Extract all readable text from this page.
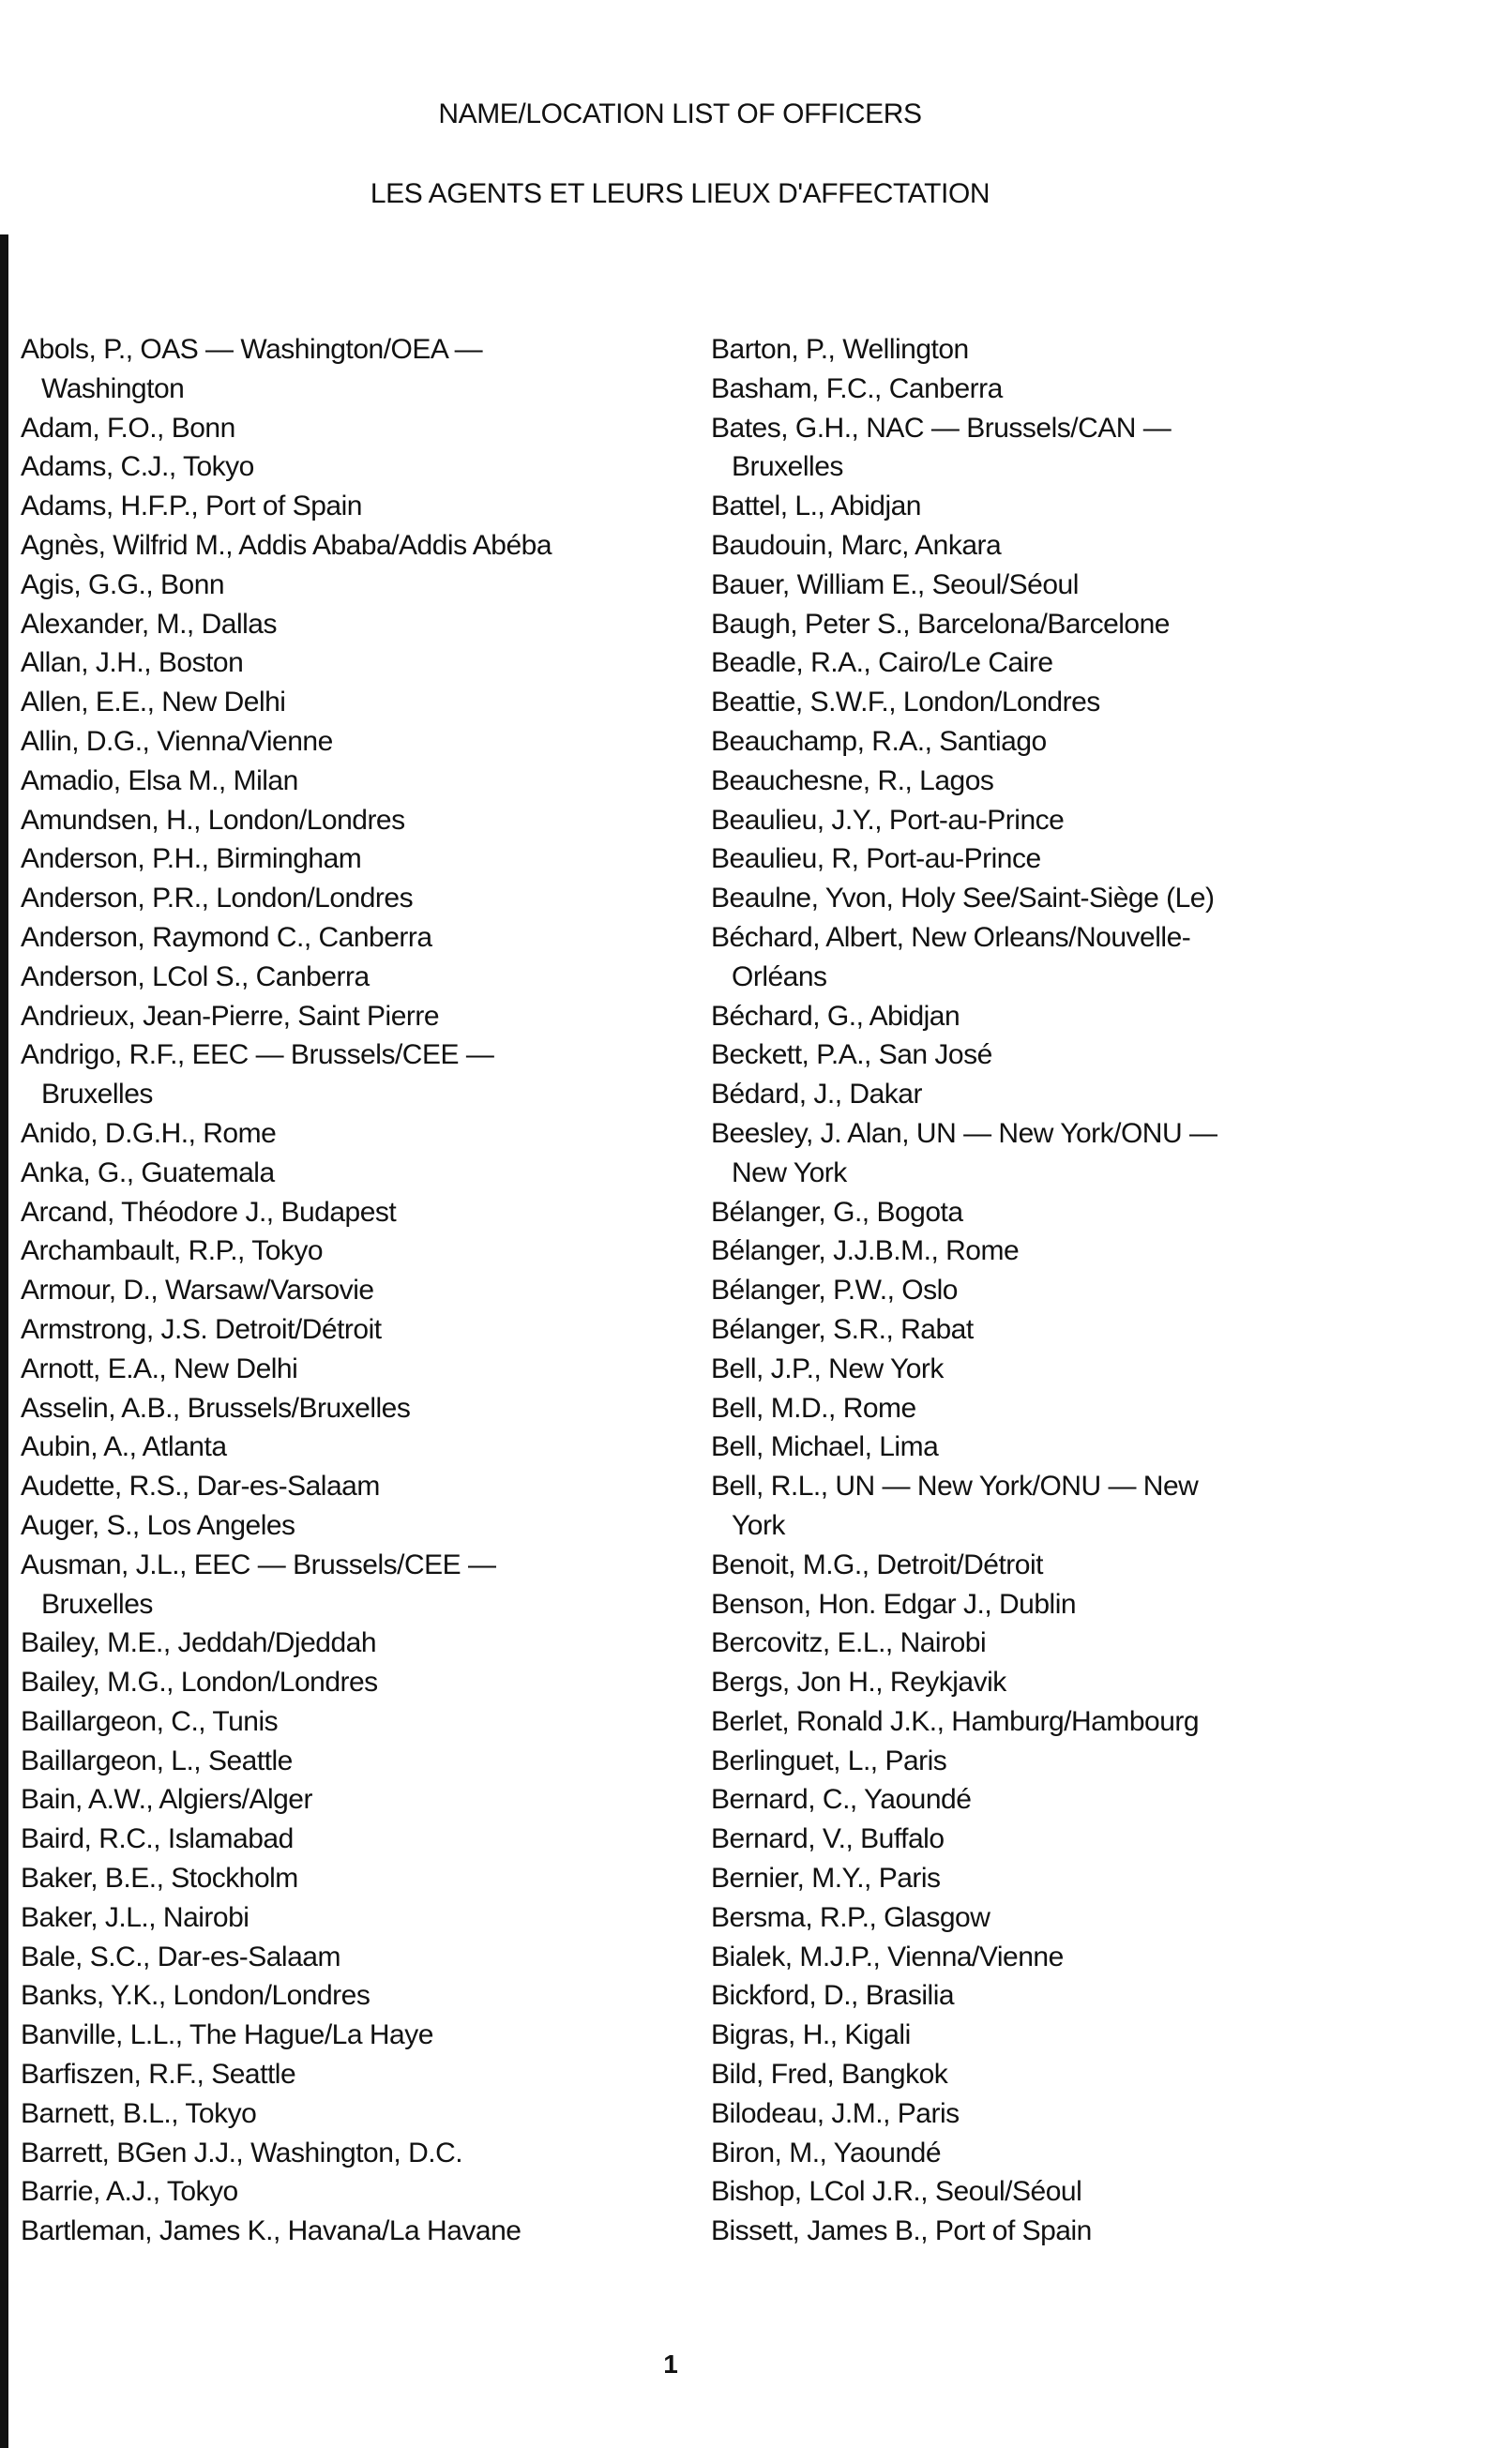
NAME/LOCATION LIST OF OFFICERS
LES AGENTS ET LEURS LIEUX D'AFFECTATION
Abols, P., OAS — Washington/OEA —
Washington
Adam, F.O., Bonn
Adams, C.J., Tokyo
Adams, H.F.P., Port of Spain
Agnès, Wilfrid M., Addis Ababa/Addis Abéba
Agis, G.G., Bonn
Alexander, M., Dallas
Allan, J.H., Boston
Allen, E.E., New Delhi
Allin, D.G., Vienna/Vienne
Amadio, Elsa M., Milan
Amundsen, H., London/Londres
Anderson, P.H., Birmingham
Anderson, P.R., London/Londres
Anderson, Raymond C., Canberra
Anderson, LCol S., Canberra
Andrieux, Jean-Pierre, Saint Pierre
Andrigo, R.F., EEC — Brussels/CEE —
Bruxelles
Anido, D.G.H., Rome
Anka, G., Guatemala
Arcand, Théodore J., Budapest
Archambault, R.P., Tokyo
Armour, D., Warsaw/Varsovie
Armstrong, J.S. Detroit/Détroit
Arnott, E.A., New Delhi
Asselin, A.B., Brussels/Bruxelles
Aubin, A., Atlanta
Audette, R.S., Dar-es-Salaam
Auger, S., Los Angeles
Ausman, J.L., EEC — Brussels/CEE —
Bruxelles
Bailey, M.E., Jeddah/Djeddah
Bailey, M.G., London/Londres
Baillargeon, C., Tunis
Baillargeon, L., Seattle
Bain, A.W., Algiers/Alger
Baird, R.C., Islamabad
Baker, B.E., Stockholm
Baker, J.L., Nairobi
Bale, S.C., Dar-es-Salaam
Banks, Y.K., London/Londres
Banville, L.L., The Hague/La Haye
Barfiszen, R.F., Seattle
Barnett, B.L., Tokyo
Barrett, BGen J.J., Washington, D.C.
Barrie, A.J., Tokyo
Bartleman, James K., Havana/La Havane
Barton, P., Wellington
Basham, F.C., Canberra
Bates, G.H., NAC — Brussels/CAN —
Bruxelles
Battel, L., Abidjan
Baudouin, Marc, Ankara
Bauer, William E., Seoul/Séoul
Baugh, Peter S., Barcelona/Barcelone
Beadle, R.A., Cairo/Le Caire
Beattie, S.W.F., London/Londres
Beauchamp, R.A., Santiago
Beauchesne, R., Lagos
Beaulieu, J.Y., Port-au-Prince
Beaulieu, R, Port-au-Prince
Beaulne, Yvon, Holy See/Saint-Siège (Le)
Béchard, Albert, New Orleans/Nouvelle-
Orléans
Béchard, G., Abidjan
Beckett, P.A., San José
Bédard, J., Dakar
Beesley, J. Alan, UN — New York/ONU —
New York
Bélanger, G., Bogota
Bélanger, J.J.B.M., Rome
Bélanger, P.W., Oslo
Bélanger, S.R., Rabat
Bell, J.P., New York
Bell, M.D., Rome
Bell, Michael, Lima
Bell, R.L., UN — New York/ONU — New
York
Benoit, M.G., Detroit/Détroit
Benson, Hon. Edgar J., Dublin
Bercovitz, E.L., Nairobi
Bergs, Jon H., Reykjavik
Berlet, Ronald J.K., Hamburg/Hambourg
Berlinguet, L., Paris
Bernard, C., Yaoundé
Bernard, V., Buffalo
Bernier, M.Y., Paris
Bersma, R.P., Glasgow
Bialek, M.J.P., Vienna/Vienne
Bickford, D., Brasilia
Bigras, H., Kigali
Bild, Fred, Bangkok
Bilodeau, J.M., Paris
Biron, M., Yaoundé
Bishop, LCol J.R., Seoul/Séoul
Bissett, James B., Port of Spain
1
